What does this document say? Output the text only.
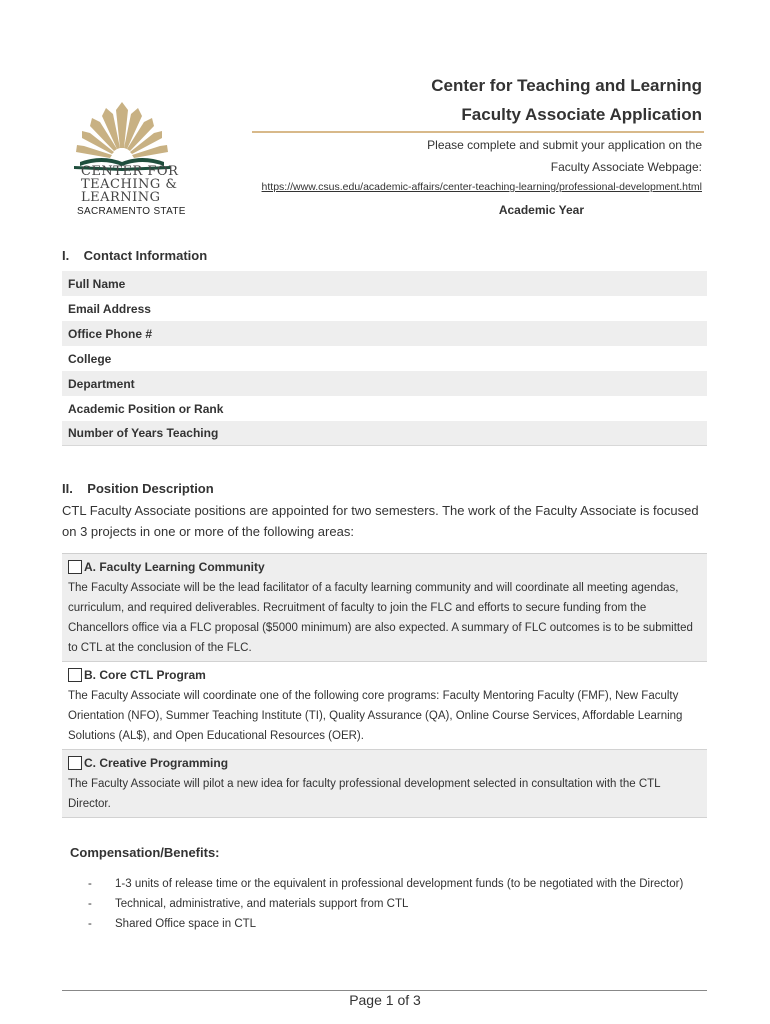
CENTER FOR
TEACHING &
LEARNING
SACRAMENTO STATE
Center for Teaching and Learning
Faculty Associate Application
Please complete and submit your application on the
Faculty Associate Webpage:
https://www.csus.edu/academic-affairs/center-teaching-learning/professional-development.html
Academic Year
I.    Contact Information
Full Name
Email Address
Office Phone #
College
Department
Academic Position or Rank
Number of Years Teaching
II.    Position Description
CTL Faculty Associate positions are appointed for two semesters. The work of the Faculty Associate is focused on 3 projects in one or more of the following areas:
A. Faculty Learning Community
The Faculty Associate will be the lead facilitator of a faculty learning community and will coordinate all meeting agendas, curriculum, and required deliverables. Recruitment of faculty to join the FLC and efforts to secure funding from the Chancellors office via a FLC proposal ($5000 minimum) are also expected. A summary of FLC outcomes is to be submitted to CTL at the conclusion of the FLC.
B. Core CTL Program
The Faculty Associate will coordinate one of the following core programs: Faculty Mentoring Faculty (FMF), New Faculty Orientation (NFO), Summer Teaching Institute (TI), Quality Assurance (QA), Online Course Services, Affordable Learning Solutions (AL$), and Open Educational Resources (OER).
C. Creative Programming
The Faculty Associate will pilot a new idea for faculty professional development selected in consultation with the CTL Director.
Compensation/Benefits:
-	1-3 units of release time or the equivalent in professional development funds (to be negotiated with the Director)
-	Technical, administrative, and materials support from CTL
-	Shared Office space in CTL
Page 1 of 3
